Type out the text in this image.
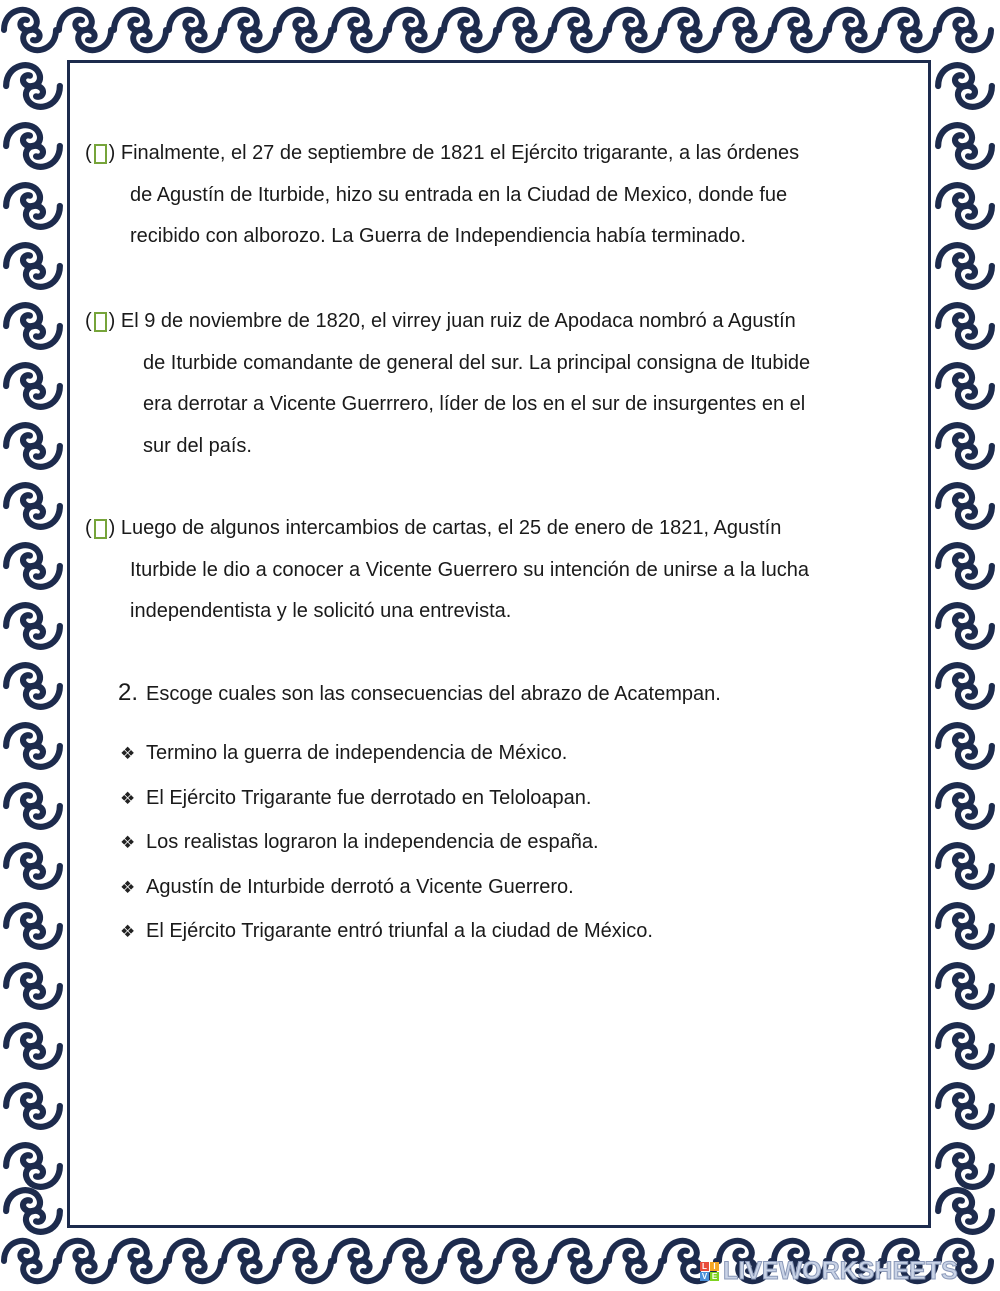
( ) Finalmente, el 27 de septiembre de 1821 el Ejército trigarante, a las órdenes
de Agustín de Iturbide, hizo su entrada en la Ciudad de Mexico, donde fue
recibido con alborozo. La Guerra de Independiencia había terminado.

( ) El 9 de noviembre de 1820, el virrey juan ruiz de Apodaca nombró a Agustín
de Iturbide comandante de general del sur. La principal consigna de Itubide
era derrotar a Vicente Guerrrero, líder de los en el sur de insurgentes en el
sur del país.

( ) Luego de algunos intercambios de cartas, el 25 de enero de 1821, Agustín
Iturbide le dio a conocer a Vicente Guerrero su intención de unirse a la lucha
independentista y le solicitó una entrevista.

2. Escoge cuales son las consecuencias del abrazo de Acatempan.
❖ Termino la guerra de independencia de México.
❖ El Ejército Trigarante fue derrotado en Teloloapan.
❖ Los realistas lograron la independencia de españa.
❖ Agustín de Inturbide derrotó a Vicente Guerrero.
❖ El Ejército Trigarante entró triunfal a la ciudad de México.
L I
V E LIVEWORKSHEETS
